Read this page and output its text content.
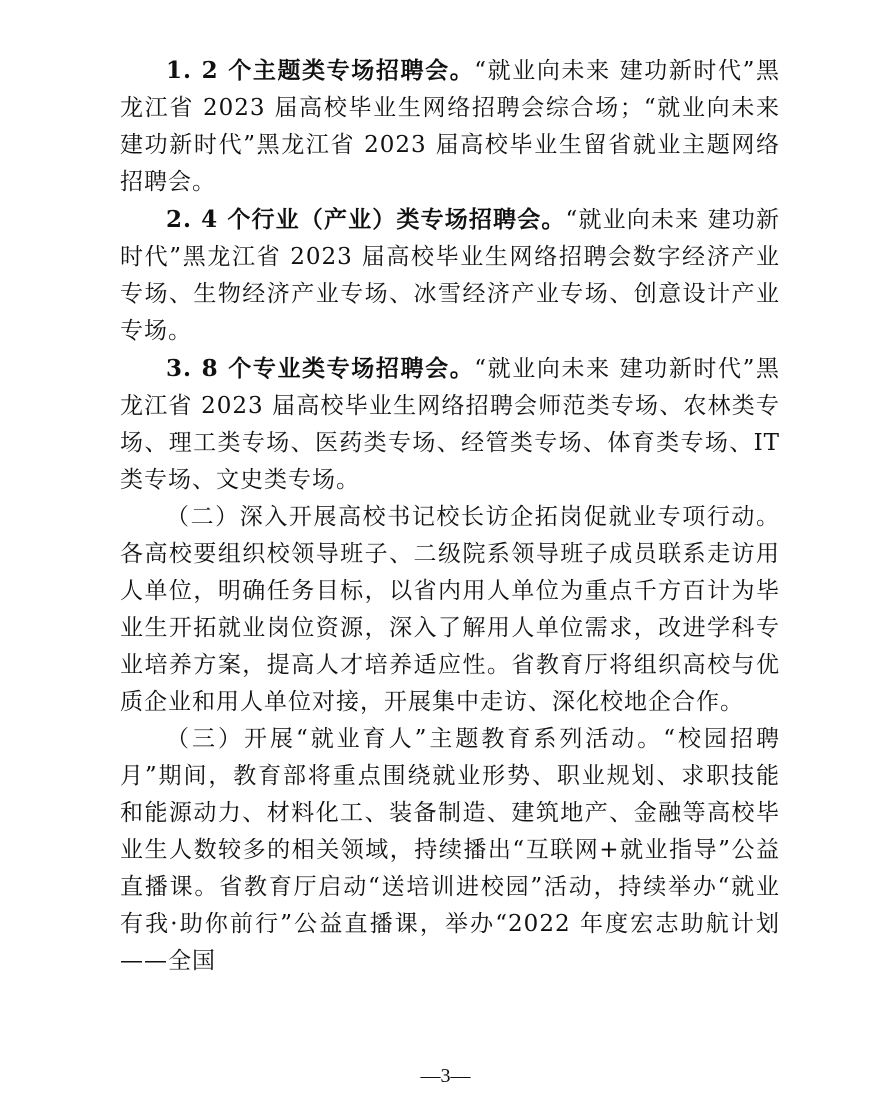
1. 2 个主题类专场招聘会。“就业向未来 建功新时代”黑龙江省 2023 届高校毕业生网络招聘会综合场；“就业向未来 建功新时代”黑龙江省 2023 届高校毕业生留省就业主题网络招聘会。

2. 4 个行业（产业）类专场招聘会。“就业向未来 建功新时代”黑龙江省 2023 届高校毕业生网络招聘会数字经济产业专场、生物经济产业专场、冰雪经济产业专场、创意设计产业专场。

3. 8 个专业类专场招聘会。“就业向未来 建功新时代”黑龙江省 2023 届高校毕业生网络招聘会师范类专场、农林类专场、理工类专场、医药类专场、经管类专场、体育类专场、IT 类专场、文史类专场。

（二）深入开展高校书记校长访企拓岗促就业专项行动。各高校要组织校领导班子、二级院系领导班子成员联系走访用人单位，明确任务目标，以省内用人单位为重点千方百计为毕业生开拓就业岗位资源，深入了解用人单位需求，改进学科专业培养方案，提高人才培养适应性。省教育厅将组织高校与优质企业和用人单位对接，开展集中走访、深化校地企合作。

（三）开展“就业育人”主题教育系列活动。“校园招聘月”期间，教育部将重点围绕就业形势、职业规划、求职技能和能源动力、材料化工、装备制造、建筑地产、金融等高校毕业生人数较多的相关领域，持续播出“互联网+就业指导”公益直播课。省教育厅启动“送培训进校园”活动，持续举办“就业有我·助你前行”公益直播课，举办“2022 年度宏志助航计划——全国

—3—
